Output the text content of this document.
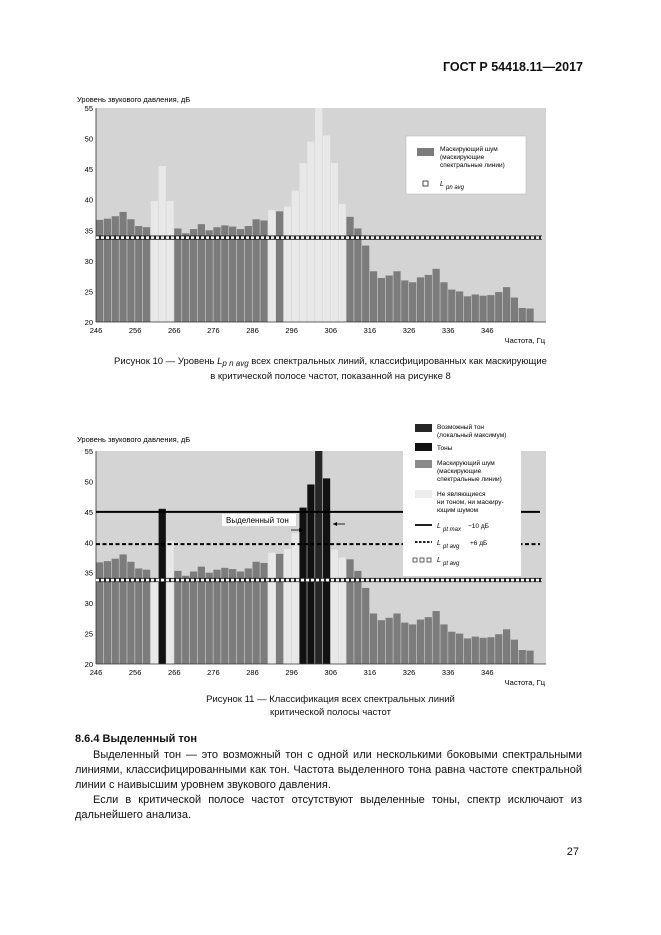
ГОСТ Р 54418.11—2017
Уровень звукового давления, дБ
55
50
45
40
35
30
25
20
246	256	266	276	286	296	306	316	326	336	346
Частота, Гц
Маскирующий шум
(маскирующие
спектральные линии)
L pn avg
Рисунок 10 — Уровень $L_{p n avg}$ всех спектральных линий, классифицированных как маскирующие
в критической полосе частот, показанной на рисунке 8
Уровень звукового давления, дБ
55
50
45
40
35
30
25
20
246	256	266	276	286	296	306	316	326	336	346
Частота, Гц
Выделенный тон
Возможный тон
(локальный максимум)
Тоны
Маскирующий шум
(маскирующие
спектральные линии)
Не являющиеся
ни тоном, ни маскиру-
ющим шумом
L pt max −10 дБ
L pt avg +6 дБ
L pt avg
Рисунок 11 — Классификация всех спектральных линий
критической полосы частот
8.6.4 Выделенный тон
Выделенный тон — это возможный тон с одной или несколькими боковыми спектральными линиями, классифицированными как тон. Частота выделенного тона равна частоте спектральной линии с наивысшим уровнем звукового давления.
Если в критической полосе частот отсутствуют выделенные тоны, спектр исключают из дальнейшего анализа.
27
